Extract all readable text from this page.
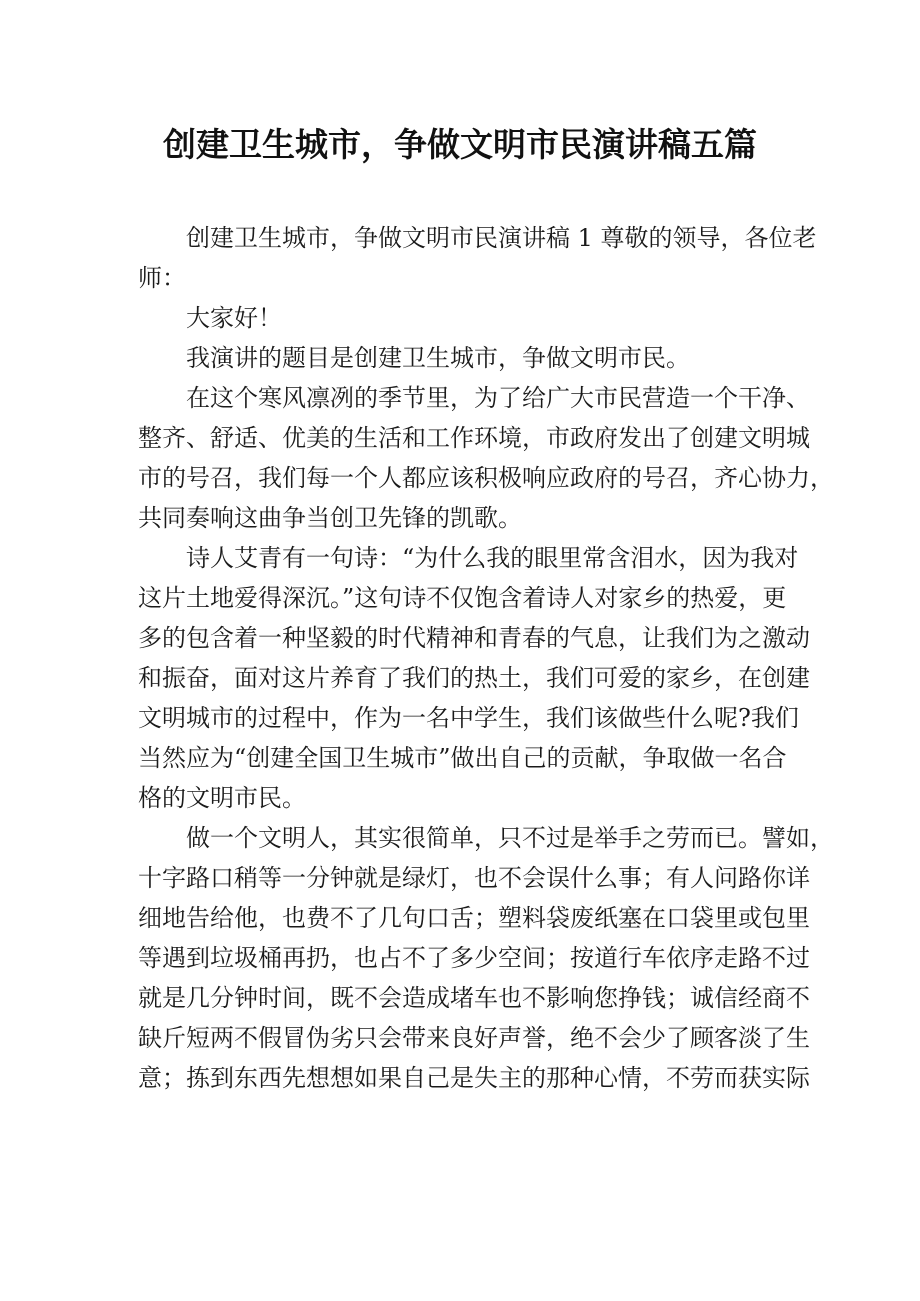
创建卫生城市，争做文明市民演讲稿五篇
创建卫生城市，争做文明市民演讲稿 1 尊敬的领导，各位老
师：
大家好！
我演讲的题目是创建卫生城市，争做文明市民。
在这个寒风凛冽的季节里，为了给广大市民营造一个干净、
整齐、舒适、优美的生活和工作环境，市政府发出了创建文明城
市的号召，我们每一个人都应该积极响应政府的号召，齐心协力，
共同奏响这曲争当创卫先锋的凯歌。
诗人艾青有一句诗：“为什么我的眼里常含泪水，因为我对
这片土地爱得深沉。”这句诗不仅饱含着诗人对家乡的热爱，更
多的包含着一种坚毅的时代精神和青春的气息，让我们为之激动
和振奋，面对这片养育了我们的热土，我们可爱的家乡，在创建
文明城市的过程中，作为一名中学生，我们该做些什么呢?我们
当然应为“创建全国卫生城市”做出自己的贡献，争取做一名合
格的文明市民。
做一个文明人，其实很简单，只不过是举手之劳而已。譬如，
十字路口稍等一分钟就是绿灯，也不会误什么事；有人问路你详
细地告给他，也费不了几句口舌；塑料袋废纸塞在口袋里或包里
等遇到垃圾桶再扔，也占不了多少空间；按道行车依序走路不过
就是几分钟时间，既不会造成堵车也不影响您挣钱；诚信经商不
缺斤短两不假冒伪劣只会带来良好声誉，绝不会少了顾客淡了生
意；拣到东西先想想如果自己是失主的那种心情，不劳而获实际
